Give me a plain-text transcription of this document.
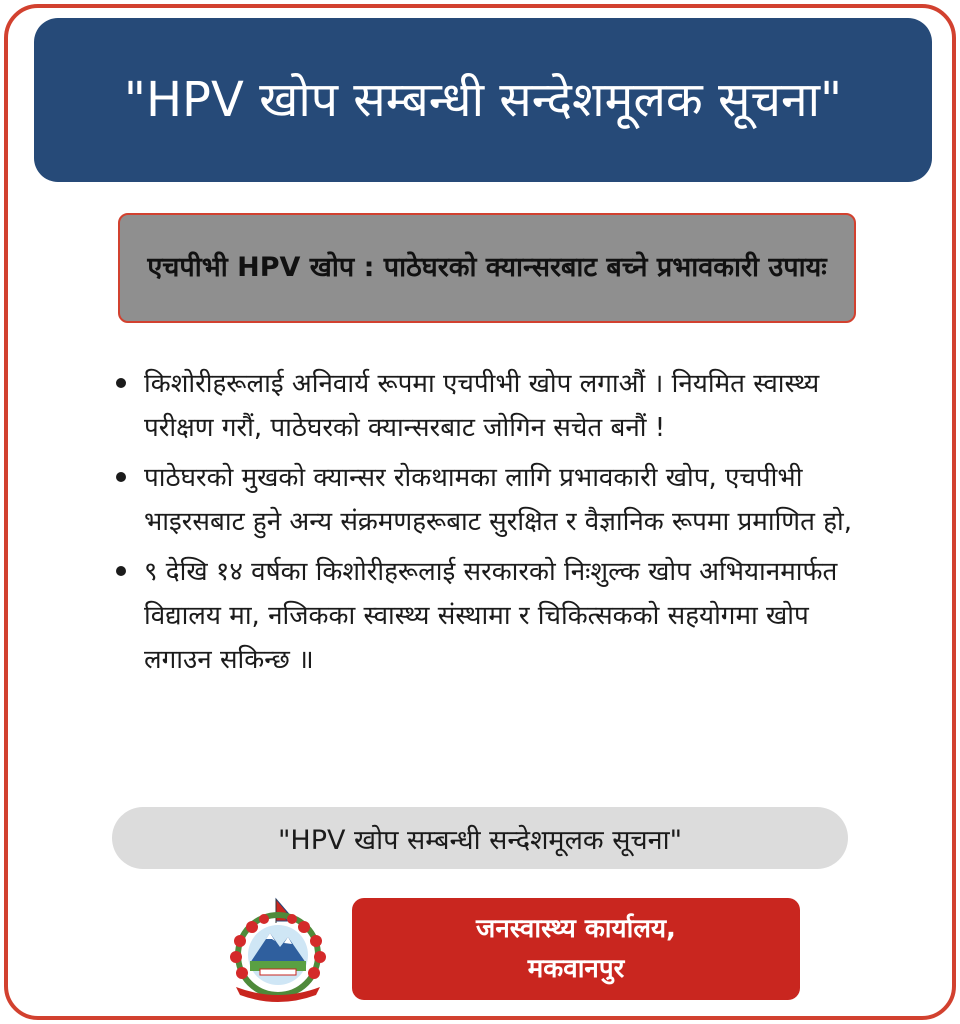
"HPV खोप सम्बन्धी सन्देशमूलक सूचना"
एचपीभी HPV खोप : पाठेघरको क्यान्सरबाट बच्ने प्रभावकारी उपायः
किशोरीहरूलाई अनिवार्य रूपमा एचपीभी खोप लगाऔं । नियमित स्वास्थ्य परीक्षण गरौं, पाठेघरको क्यान्सरबाट जोगिन सचेत बनौं !
पाठेघरको मुखको क्यान्सर रोकथामका लागि प्रभावकारी खोप, एचपीभी भाइरसबाट हुने अन्य संक्रमणहरूबाट सुरक्षित र वैज्ञानिक रूपमा प्रमाणित हो,
९ देखि १४ वर्षका किशोरीहरूलाई सरकारको निःशुल्क खोप अभियानमार्फत विद्यालय मा, नजिकका स्वास्थ्य संस्थामा र चिकित्सकको सहयोगमा खोप लगाउन सकिन्छ ॥
"HPV खोप सम्बन्धी सन्देशमूलक सूचना"
जनस्वास्थ्य कार्यालय,
मकवानपुर
